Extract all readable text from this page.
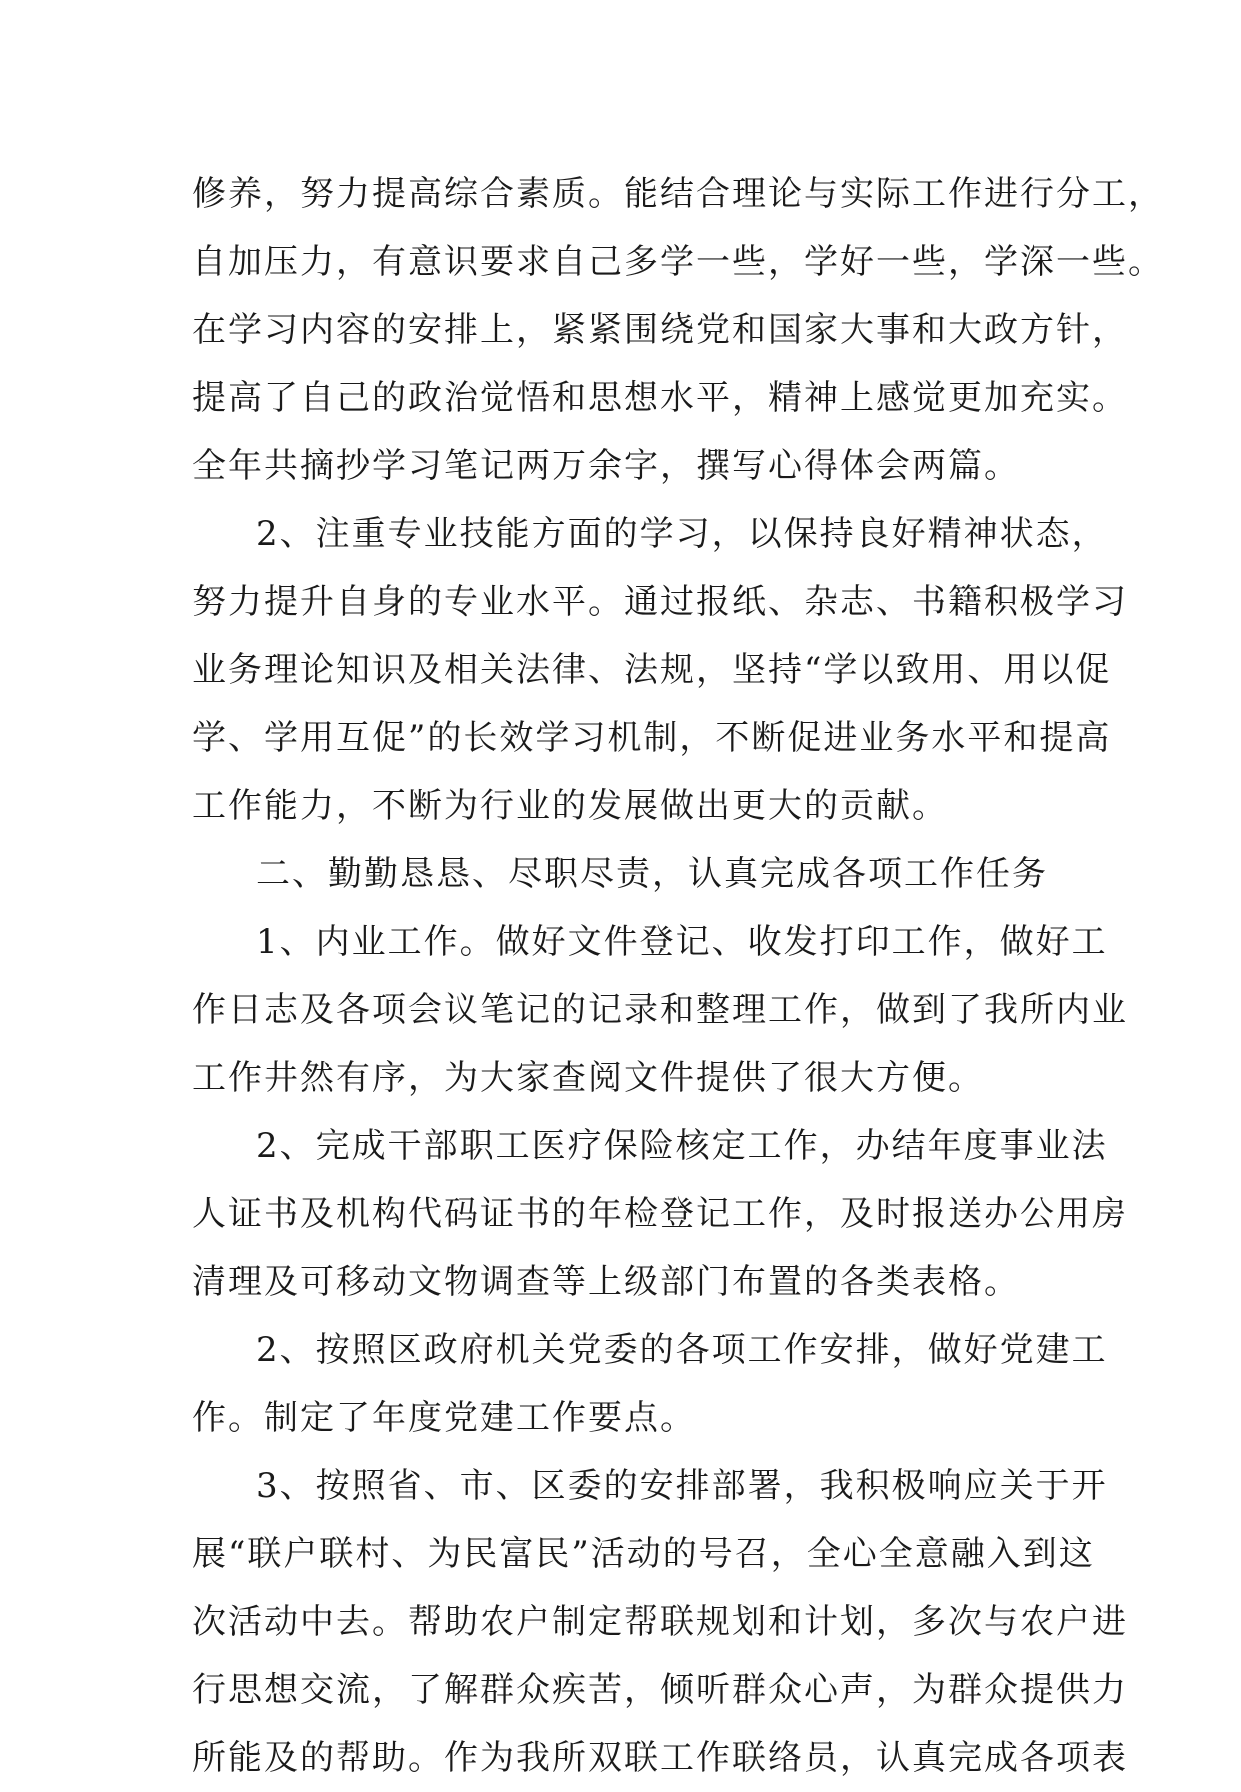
修养，努力提高综合素质。能结合理论与实际工作进行分工，
自加压力，有意识要求自己多学一些，学好一些，学深一些。
在学习内容的安排上，紧紧围绕党和国家大事和大政方针，
提高了自己的政治觉悟和思想水平，精神上感觉更加充实。
全年共摘抄学习笔记两万余字，撰写心得体会两篇。
2、注重专业技能方面的学习，以保持良好精神状态，
努力提升自身的专业水平。通过报纸、杂志、书籍积极学习
业务理论知识及相关法律、法规，坚持“学以致用、用以促
学、学用互促”的长效学习机制，不断促进业务水平和提高
工作能力，不断为行业的发展做出更大的贡献。
二、勤勤恳恳、尽职尽责，认真完成各项工作任务
1、内业工作。做好文件登记、收发打印工作，做好工
作日志及各项会议笔记的记录和整理工作，做到了我所内业
工作井然有序，为大家查阅文件提供了很大方便。
2、完成干部职工医疗保险核定工作，办结年度事业法
人证书及机构代码证书的年检登记工作，及时报送办公用房
清理及可移动文物调查等上级部门布置的各类表格。
2、按照区政府机关党委的各项工作安排，做好党建工
作。制定了年度党建工作要点。
3、按照省、市、区委的安排部署，我积极响应关于开
展“联户联村、为民富民”活动的号召，全心全意融入到这
次活动中去。帮助农户制定帮联规划和计划，多次与农户进
行思想交流，了解群众疾苦，倾听群众心声，为群众提供力
所能及的帮助。作为我所双联工作联络员，认真完成各项表
